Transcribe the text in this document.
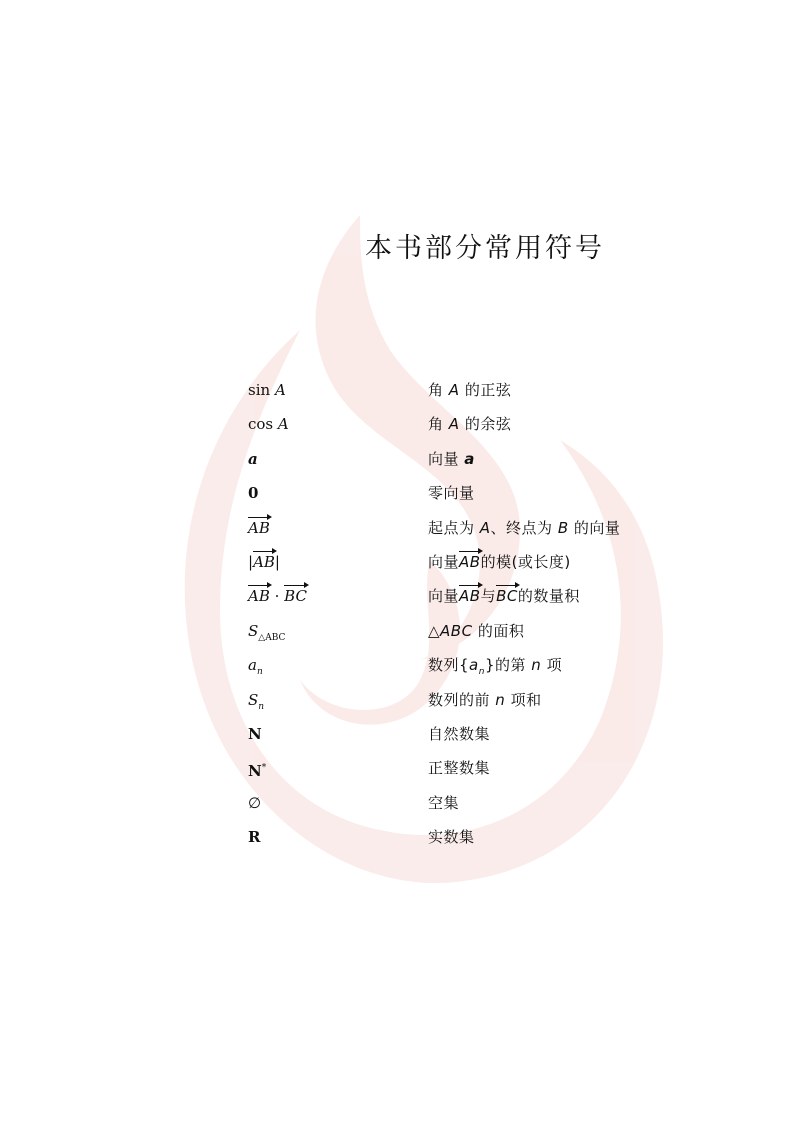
本书部分常用符号
sin A	角 A 的正弦
cos A	角 A 的余弦
a	向量 a
0	零向量
AB	起点为 A、终点为 B 的向量
|AB|	向量AB的模(或长度)
AB · BC	向量AB与BC的数量积
$S_{\triangle ABC}$	△ABC 的面积
$a_n$	数列$\{a_n\}$的第 n 项
$S_n$	数列的前 n 项和
N	自然数集
N*	正整数集
∅	空集
R	实数集
